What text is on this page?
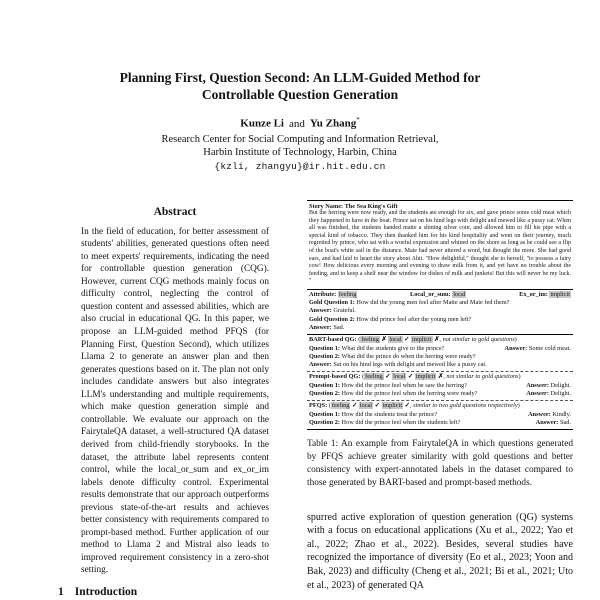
Planning First, Question Second: An LLM-Guided Method for
Controllable Question Generation
Kunze Li and Yu Zhang*
Research Center for Social Computing and Information Retrieval,
Harbin Institute of Technology, Harbin, China
{kzli, zhangyu}@ir.hit.edu.cn
Abstract

In the field of education, for better assessment of students' abilities, generated questions often need to meet experts' requirements, indicating the need for controllable question generation (CQG). However, current CQG methods mainly focus on difficulty control, neglecting the control of question content and assessed abilities, which are also crucial in educational QG. In this paper, we propose an LLM-guided method PFQS (for Planning First, Question Second), which utilizes Llama 2 to generate an answer plan and then generates questions based on it. The plan not only includes candidate answers but also integrates LLM's understanding and multiple requirements, which make question generation simple and controllable. We evaluate our approach on the FairytaleQA dataset, a well-structured QA dataset derived from child-friendly storybooks. In the dataset, the attribute label represents content control, while the local_or_sum and ex_or_im labels denote difficulty control. Experimental results demonstrate that our approach outperforms previous state-of-the-art results and achieves better consistency with requirements compared to prompt-based method. Further application of our method to Llama 2 and Mistral also leads to improved requirement consistency in a zero-shot setting.

1 Introduction
Story Name: The Sea King's Gift
But the herring were now ready, and the students ate enough for six, and gave prince some cold meat which they happened to have in the boat. Prince sat on his hind legs with delight and mewed like a pussy cat. When all was finished, the students handed matte a shining silver coin, and allowed him to fill his pipe with a special kind of tobacco. They then thanked him for his kind hospitality and went on their journey, much regretted by prince, who sat with a woeful expression and whined on the shore as long as he could see a flip of the boat's white sail in the distance. Maie had never uttered a word, but thought the more. She had good ears, and had laid to heart the story about Ahti. "How delightful," thought she to herself, "to possess a fairy cow! How delicious every morning and evening to draw milk from it, and yet have no trouble about the feeding, and to keep a shelf near the window for dishes of milk and junkets! But this will never be my luck. "
Attribute: feeling	Local_or_sum: local	Ex_or_im: implicit
Gold Question 1: How did the young men feel after Matte and Maie fed them?
Answer: Grateful.
Gold Question 2: How did prince feel after the young men left?
Answer: Sad.
BART-based QG: feeling ✗ local ✓ implicit ✗, not similar to gold questions)
Question 1: What did the students give to the prince?	Answer: Some cold meat.
Question 2: What did the prince do when the herring were ready?
Answer: Sat on his hind legs with delight and mewed like a pussy cat.
Prompt-based QG: feeling ✓ local ✓ implicit ✗, not similar to gold questions)
Question 1: How did the prince feel when he saw the herring?	Answer: Delight.
Question 2: How did the prince feel when the herring were ready?	Answer: Delight.
PFQS: (feeling ✓ local ✓ implicit ✓, similar to two gold questions respectively)
Question 1: How did the students treat the prince?	Answer: Kindly.
Question 2: How did the prince feel when the students left?	Answer: Sad.
Table 1: An example from FairytaleQA in which questions generated by PFQS achieve greater similarity with gold questions and better consistency with expert-annotated labels in the dataset compared to those generated by BART-based and prompt-based methods.

spurred active exploration of question generation (QG) systems with a focus on educational applications (Xu et al., 2022; Yao et al., 2022; Zhao et al., 2022). Besides, several studies have recognized the importance of diversity (Eo et al., 2023; Yoon and Bak, 2023) and difficulty (Cheng et al., 2021; Bi et al., 2021; Uto et al., 2023) of generated QA
